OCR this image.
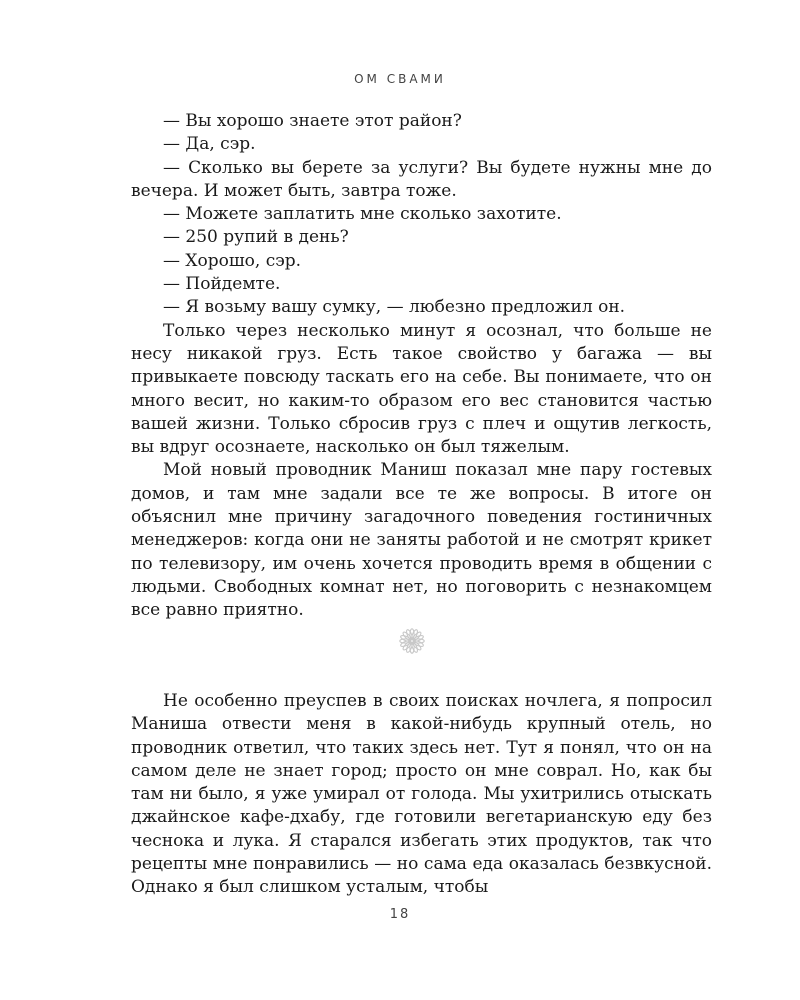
ОМ СВАМИ

— Вы хорошо знаете этот район?

— Да, сэр.

— Сколько вы берете за услуги? Вы будете нужны мне до вечера. И может быть, завтра тоже.

— Можете заплатить мне сколько захотите.

— 250 рупий в день?

— Хорошо, сэр.

— Пойдемте.

— Я возьму вашу сумку, — любезно предложил он.

Только через несколько минут я осознал, что больше не несу никакой груз. Есть такое свойство у багажа — вы привыкаете повсюду таскать его на себе. Вы понимаете, что он много весит, но каким-то образом его вес становится частью вашей жизни. Только сбросив груз с плеч и ощутив легкость, вы вдруг осознаете, насколько он был тяжелым.

Мой новый проводник Маниш показал мне пару гостевых домов, и там мне задали все те же вопросы. В итоге он объяснил мне причину загадочного поведения гостиничных менеджеров: когда они не заняты работой и не смотрят крикет по телевизору, им очень хочется проводить время в общении с людьми. Свободных комнат нет, но поговорить с незнакомцем все равно приятно.

Не особенно преуспев в своих поисках ночлега, я попросил Маниша отвести меня в какой-нибудь крупный отель, но проводник ответил, что таких здесь нет. Тут я понял, что он на самом деле не знает город; просто он мне соврал. Но, как бы там ни было, я уже умирал от голода. Мы ухитрились отыскать джайнское кафе-дхабу, где готовили вегетарианскую еду без чеснока и лука. Я старался избегать этих продуктов, так что рецепты мне понравились — но сама еда оказалась безвкусной. Однако я был слишком усталым, чтобы

18
